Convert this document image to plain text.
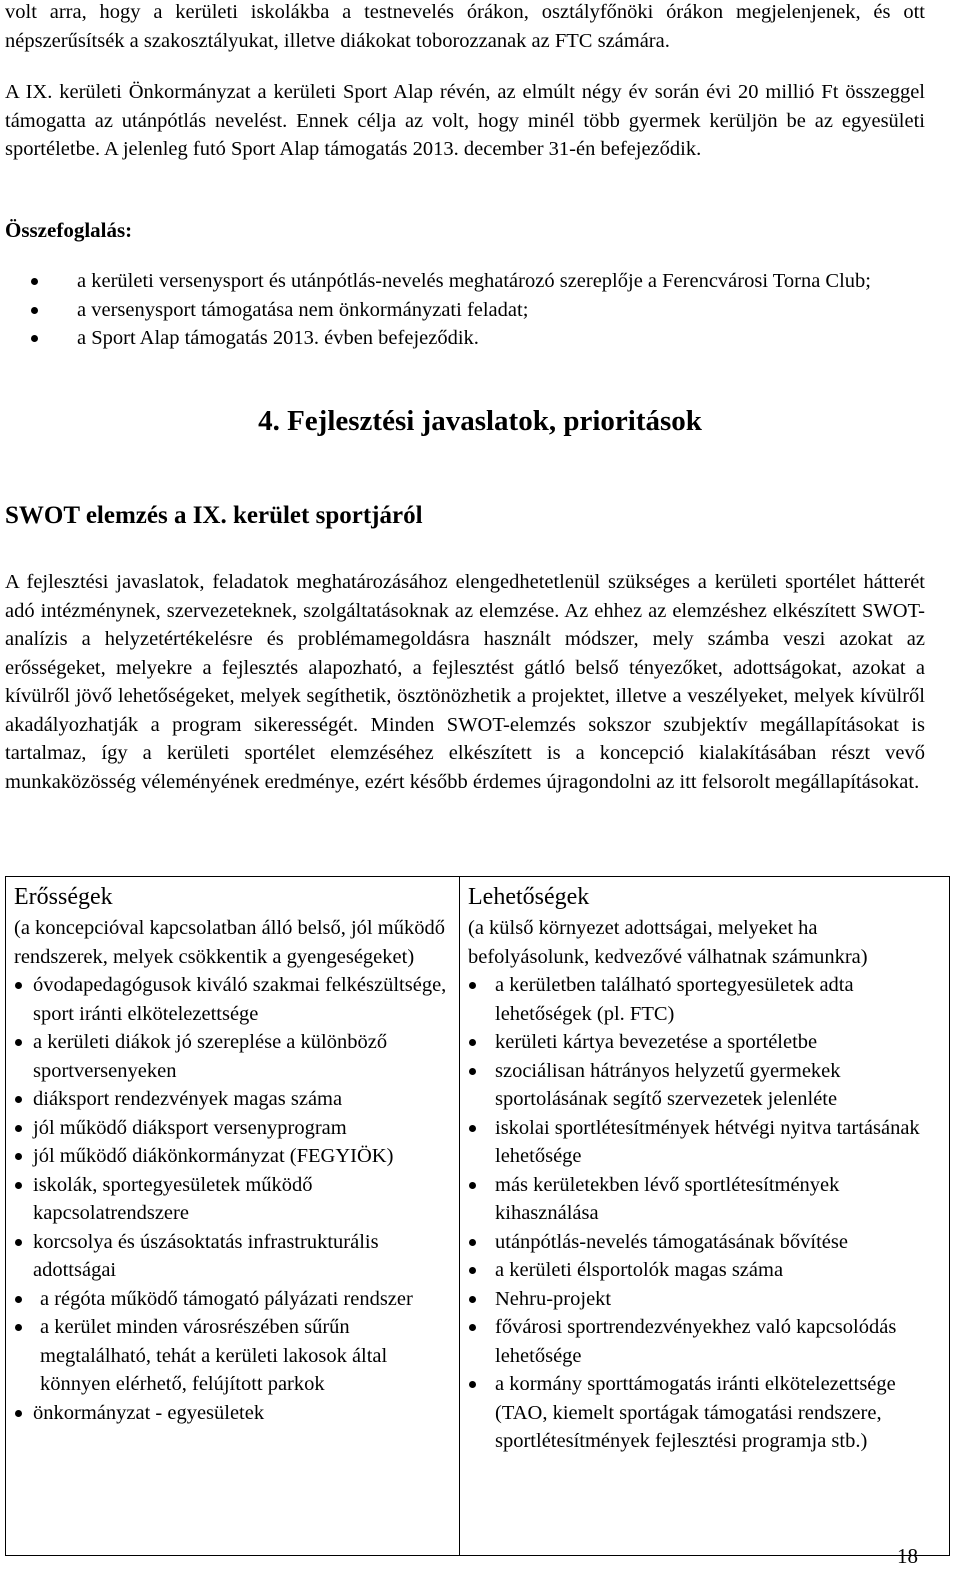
volt arra, hogy a kerületi iskolákba a testnevelés órákon, osztályfőnöki órákon megjelenjenek, és ott népszerűsítsék a szakosztályukat, illetve diákokat toborozzanak az FTC számára.

A IX. kerületi Önkormányzat a kerületi Sport Alap révén, az elmúlt négy év során évi 20 millió Ft összeggel támogatta az utánpótlás nevelést. Ennek célja az volt, hogy minél több gyermek kerüljön be az egyesületi sportéletbe. A jelenleg futó Sport Alap támogatás 2013. december 31-én befejeződik.

Összefoglalás:

a kerületi versenysport és utánpótlás-nevelés meghatározó szereplője a Ferencvárosi Torna Club;
a versenysport támogatása nem önkormányzati feladat;
a Sport Alap támogatás 2013. évben befejeződik.
4. Fejlesztési javaslatok, prioritások
SWOT elemzés a IX. kerület sportjáról

A fejlesztési javaslatok, feladatok meghatározásához elengedhetetlenül szükséges a kerületi sportélet hátterét adó intézménynek, szervezeteknek, szolgáltatásoknak az elemzése. Az ehhez az elemzéshez elkészített SWOT-analízis a helyzetértékelésre és problémamegoldásra használt módszer, mely számba veszi azokat az erősségeket, melyekre a fejlesztés alapozható, a fejlesztést gátló belső tényezőket, adottságokat, azokat a kívülről jövő lehetőségeket, melyek segíthetik, ösztönözhetik a projektet, illetve a veszélyeket, melyek kívülről akadályozhatják a program sikerességét. Minden SWOT-elemzés sokszor szubjektív megállapításokat is tartalmaz, így a kerületi sportélet elemzéséhez elkészített is a koncepció kialakításában részt vevő munkaközösség véleményének eredménye, ezért később érdemes újragondolni az itt felsorolt megállapításokat.

Erősségek

(a koncepcióval kapcsolatban álló belső, jól működő rendszerek, melyek csökkentik a gyengeségeket)

óvodapedagógusok kiváló szakmai felkészültsége, sport iránti elkötelezettsége
a kerületi diákok jó szereplése a különböző sportversenyeken
diáksport rendezvények magas száma
jól működő diáksport versenyprogram
jól működő diákönkormányzat (FEGYIÖK)
iskolák, sportegyesületek működő kapcsolatrendszere
korcsolya és úszásoktatás infrastrukturális adottságai
a régóta működő támogató pályázati rendszer
a kerület minden városrészében sűrűn megtalálható, tehát a kerületi lakosok által könnyen elérhető, felújított parkok
önkormányzat - egyesületek
Lehetőségek

(a külső környezet adottságai, melyeket ha befolyásolunk, kedvezővé válhatnak számunkra)

a kerületben található sportegyesületek adta lehetőségek (pl. FTC)
kerületi kártya bevezetése a sportéletbe
szociálisan hátrányos helyzetű gyermekek sportolásának segítő szervezetek jelenléte
iskolai sportlétesítmények hétvégi nyitva tartásának lehetősége
más kerületekben lévő sportlétesítmények kihasználása
utánpótlás-nevelés támogatásának bővítése
a kerületi élsportolók magas száma
Nehru-projekt
fővárosi sportrendezvényekhez való kapcsolódás lehetősége
a kormány sporttámogatás iránti elkötelezettsége (TAO, kiemelt sportágak támogatási rendszere, sportlétesítmények fejlesztési programja stb.)

18
